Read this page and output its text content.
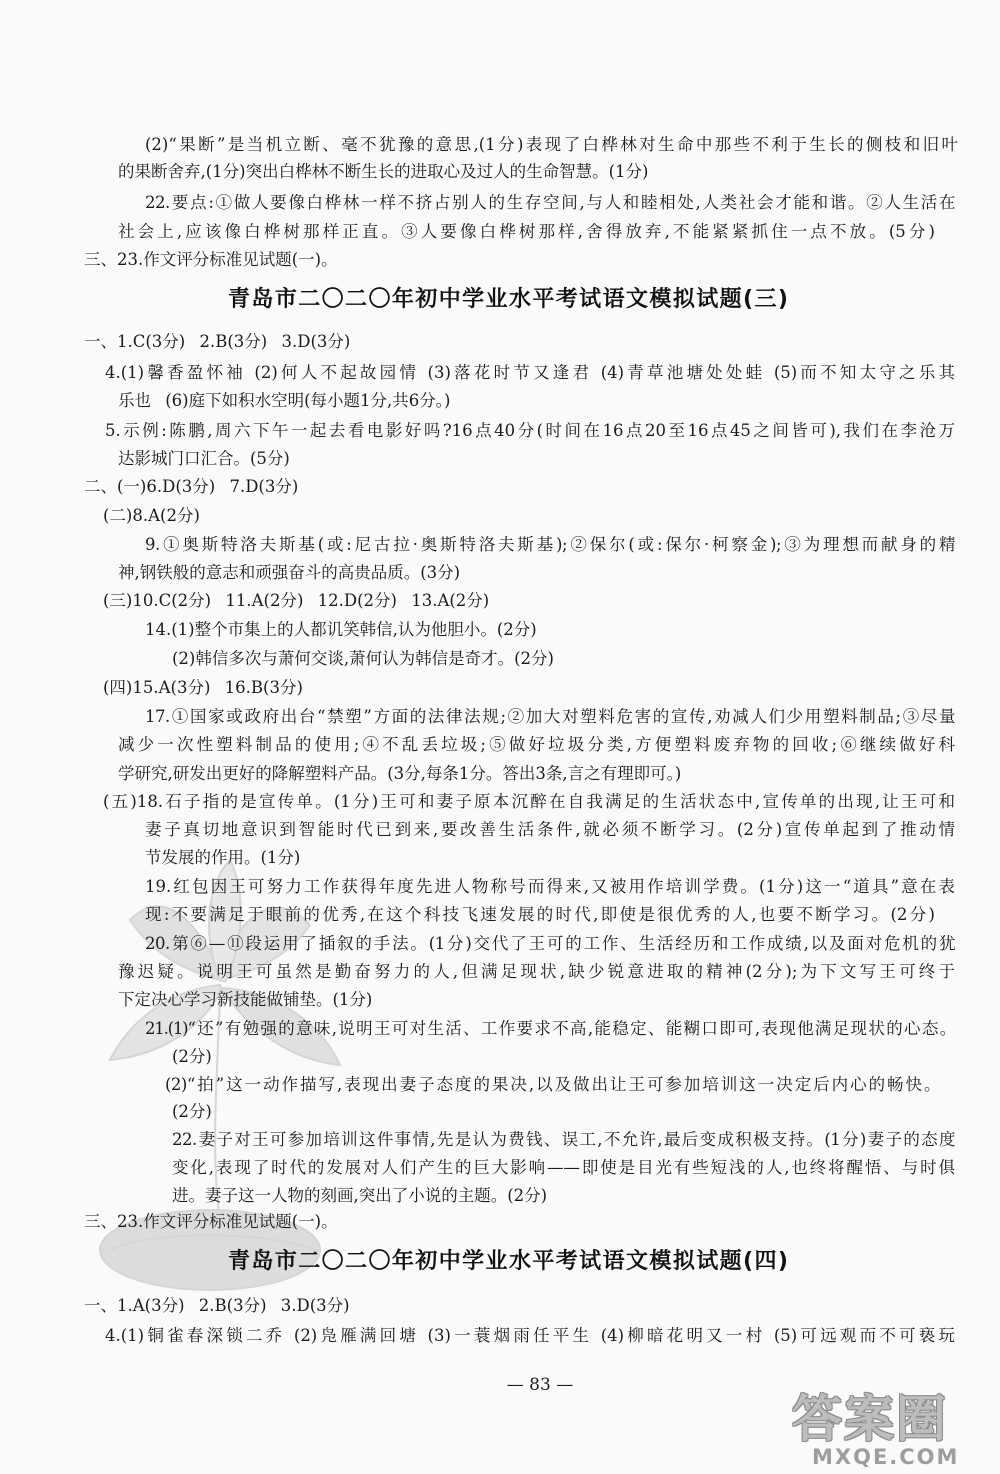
(2)“果断”是当机立断、毫不犹豫的意思,(1分)表现了白桦林对生命中那些不利于生长的侧枝和旧叶
的果断舍弃,(1分)突出白桦林不断生长的进取心及过人的生命智慧。(1分)
22.要点:①做人要像白桦林一样不挤占别人的生存空间,与人和睦相处,人类社会才能和谐。②人生活在
社会上,应该像白桦树那样正直。③人要像白桦树那样,舍得放弃,不能紧紧抓住一点不放。(5分)
三、23.作文评分标准见试题(一)。
青岛市二〇二〇年初中学业水平考试语文模拟试题(三)
一、1.C(3分) 2.B(3分) 3.D(3分)
4.(1)馨香盈怀袖 (2)何人不起故园情 (3)落花时节又逢君 (4)青草池塘处处蛙 (5)而不知太守之乐其
乐也 (6)庭下如积水空明(每小题1分,共6分。)
5.示例:陈鹏,周六下午一起去看电影好吗?16点40分(时间在16点20至16点45之间皆可),我们在李沧万
达影城门口汇合。(5分)
二、(一)6.D(3分) 7.D(3分)
(二)8.A(2分)
9.①奥斯特洛夫斯基(或:尼古拉·奥斯特洛夫斯基);②保尔(或:保尔·柯察金);③为理想而献身的精
神,钢铁般的意志和顽强奋斗的高贵品质。(3分)
(三)10.C(2分) 11.A(2分) 12.D(2分) 13.A(2分)
14.(1)整个市集上的人都讥笑韩信,认为他胆小。(2分)
(2)韩信多次与萧何交谈,萧何认为韩信是奇才。(2分)
(四)15.A(3分) 16.B(3分)
17.①国家或政府出台“禁塑”方面的法律法规;②加大对塑料危害的宣传,劝减人们少用塑料制品;③尽量
减少一次性塑料制品的使用;④不乱丢垃圾;⑤做好垃圾分类,方便塑料废弃物的回收;⑥继续做好科
学研究,研发出更好的降解塑料产品。(3分,每条1分。答出3条,言之有理即可。)
(五)18.石子指的是宣传单。(1分)王可和妻子原本沉醉在自我满足的生活状态中,宣传单的出现,让王可和
妻子真切地意识到智能时代已到来,要改善生活条件,就必须不断学习。(2分)宣传单起到了推动情
节发展的作用。(1分)
19.红包因王可努力工作获得年度先进人物称号而得来,又被用作培训学费。(1分)这一“道具”意在表
现:不要满足于眼前的优秀,在这个科技飞速发展的时代,即使是很优秀的人,也要不断学习。(2分)
20.第⑥—⑪段运用了插叙的手法。(1分)交代了王可的工作、生活经历和工作成绩,以及面对危机的犹
豫迟疑。说明王可虽然是勤奋努力的人,但满足现状,缺少锐意进取的精神(2分);为下文写王可终于
下定决心学习新技能做铺垫。(1分)
21.(1)“还”有勉强的意味,说明王可对生活、工作要求不高,能稳定、能糊口即可,表现他满足现状的心态。
(2分)
(2)“拍”这一动作描写,表现出妻子态度的果决,以及做出让王可参加培训这一决定后内心的畅快。
(2分)
22.妻子对王可参加培训这件事情,先是认为费钱、误工,不允许,最后变成积极支持。(1分)妻子的态度
变化,表现了时代的发展对人们产生的巨大影响——即使是目光有些短浅的人,也终将醒悟、与时俱
进。妻子这一人物的刻画,突出了小说的主题。(2分)
三、23.作文评分标准见试题(一)。
青岛市二〇二〇年初中学业水平考试语文模拟试题(四)
一、1.A(3分) 2.B(3分) 3.D(3分)
4.(1)铜雀春深锁二乔 (2)凫雁满回塘 (3)一蓑烟雨任平生 (4)柳暗花明又一村 (5)可远观而不可亵玩
— 83 —
答案圈
MXQE.COM
